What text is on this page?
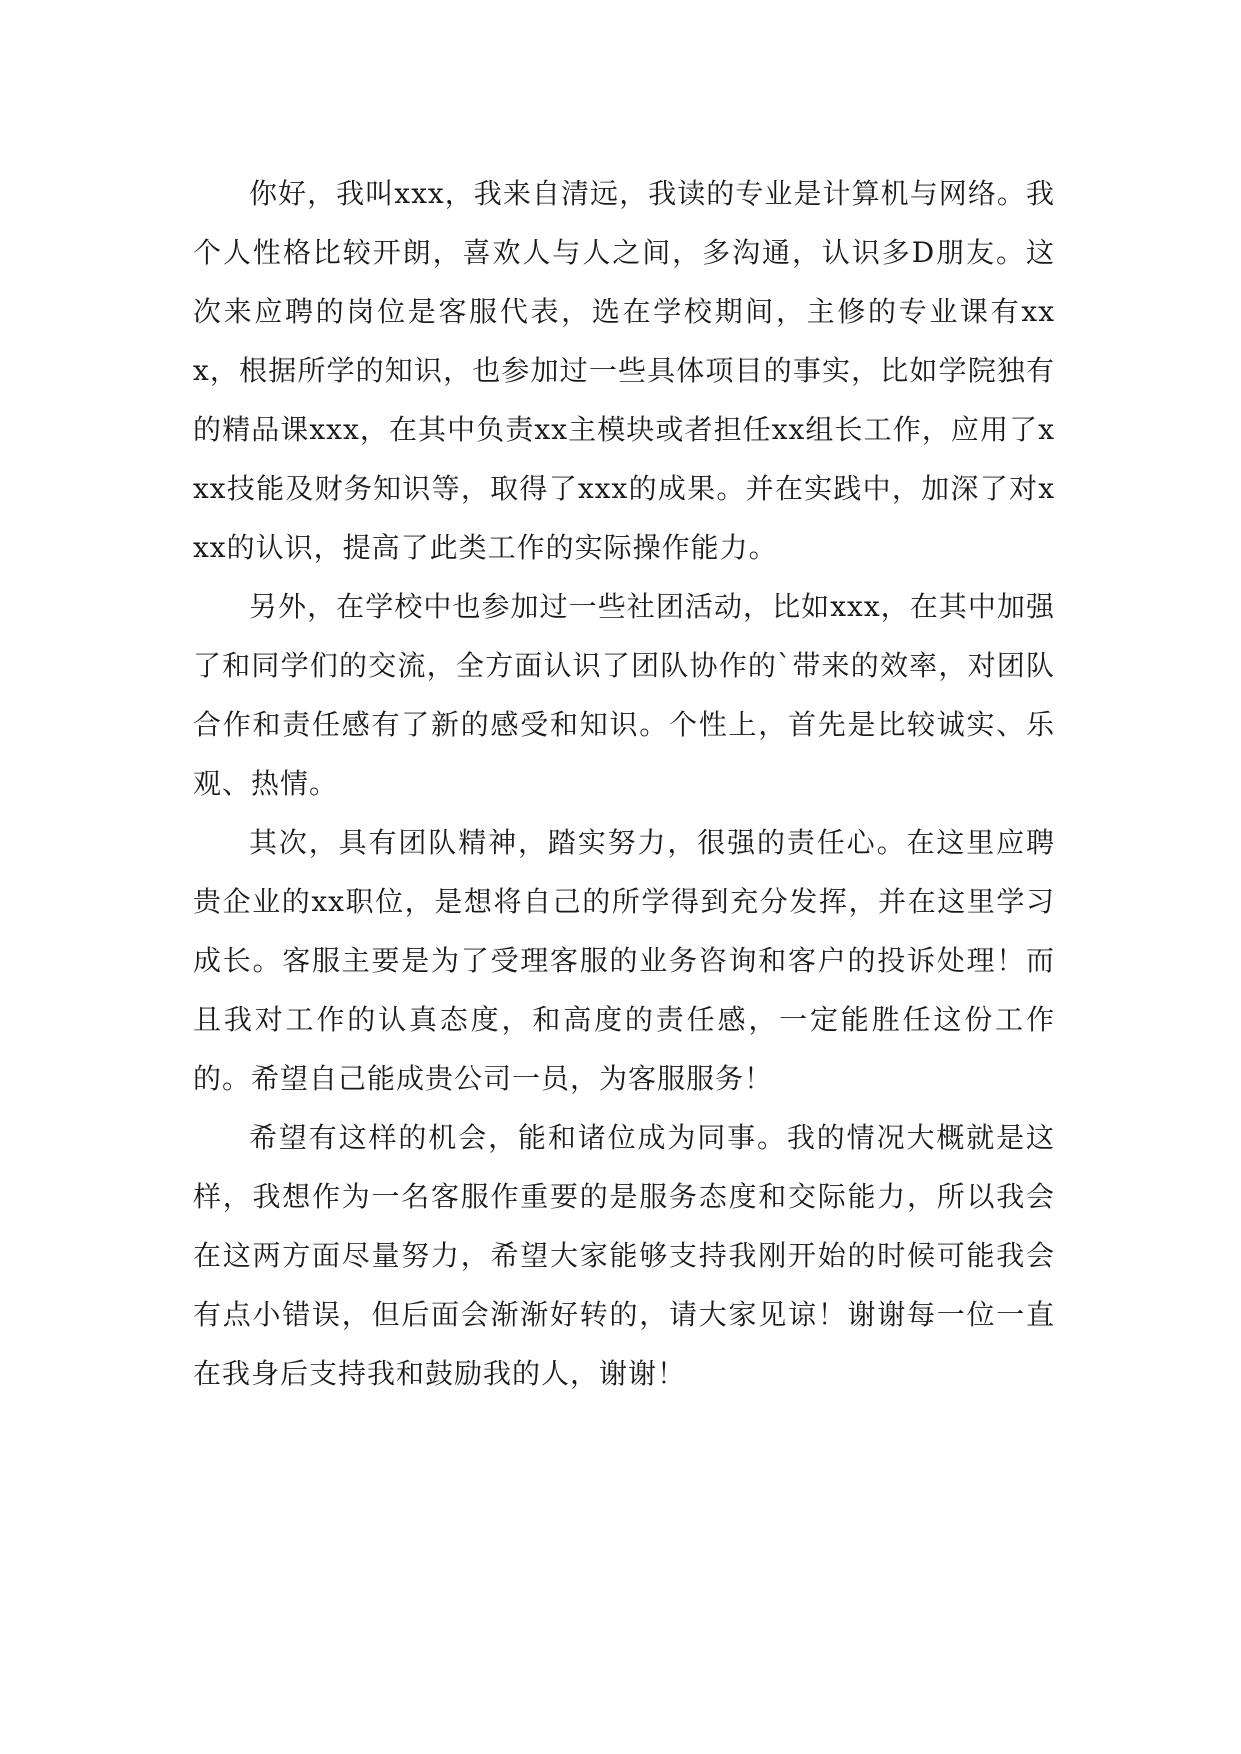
你好，我叫xxx，我来自清远，我读的专业是计算机与网络。我个人性格比较开朗，喜欢人与人之间，多沟通，认识多D朋友。这次来应聘的岗位是客服代表，选在学校期间，主修的专业课有xxx，根据所学的知识，也参加过一些具体项目的事实，比如学院独有的精品课xxx，在其中负责xx主模块或者担任xx组长工作，应用了xxx技能及财务知识等，取得了xxx的成果。并在实践中，加深了对xxx的认识，提高了此类工作的实际操作能力。

另外，在学校中也参加过一些社团活动，比如xxx，在其中加强了和同学们的交流，全方面认识了团队协作的`带来的效率，对团队合作和责任感有了新的感受和知识。个性上，首先是比较诚实、乐观、热情。

其次，具有团队精神，踏实努力，很强的责任心。在这里应聘贵企业的xx职位，是想将自己的所学得到充分发挥，并在这里学习成长。客服主要是为了受理客服的业务咨询和客户的投诉处理！而且我对工作的认真态度，和高度的责任感，一定能胜任这份工作的。希望自己能成贵公司一员，为客服服务！

希望有这样的机会，能和诸位成为同事。我的情况大概就是这样，我想作为一名客服作重要的是服务态度和交际能力，所以我会在这两方面尽量努力，希望大家能够支持我刚开始的时候可能我会有点小错误，但后面会渐渐好转的，请大家见谅！谢谢每一位一直在我身后支持我和鼓励我的人，谢谢！
